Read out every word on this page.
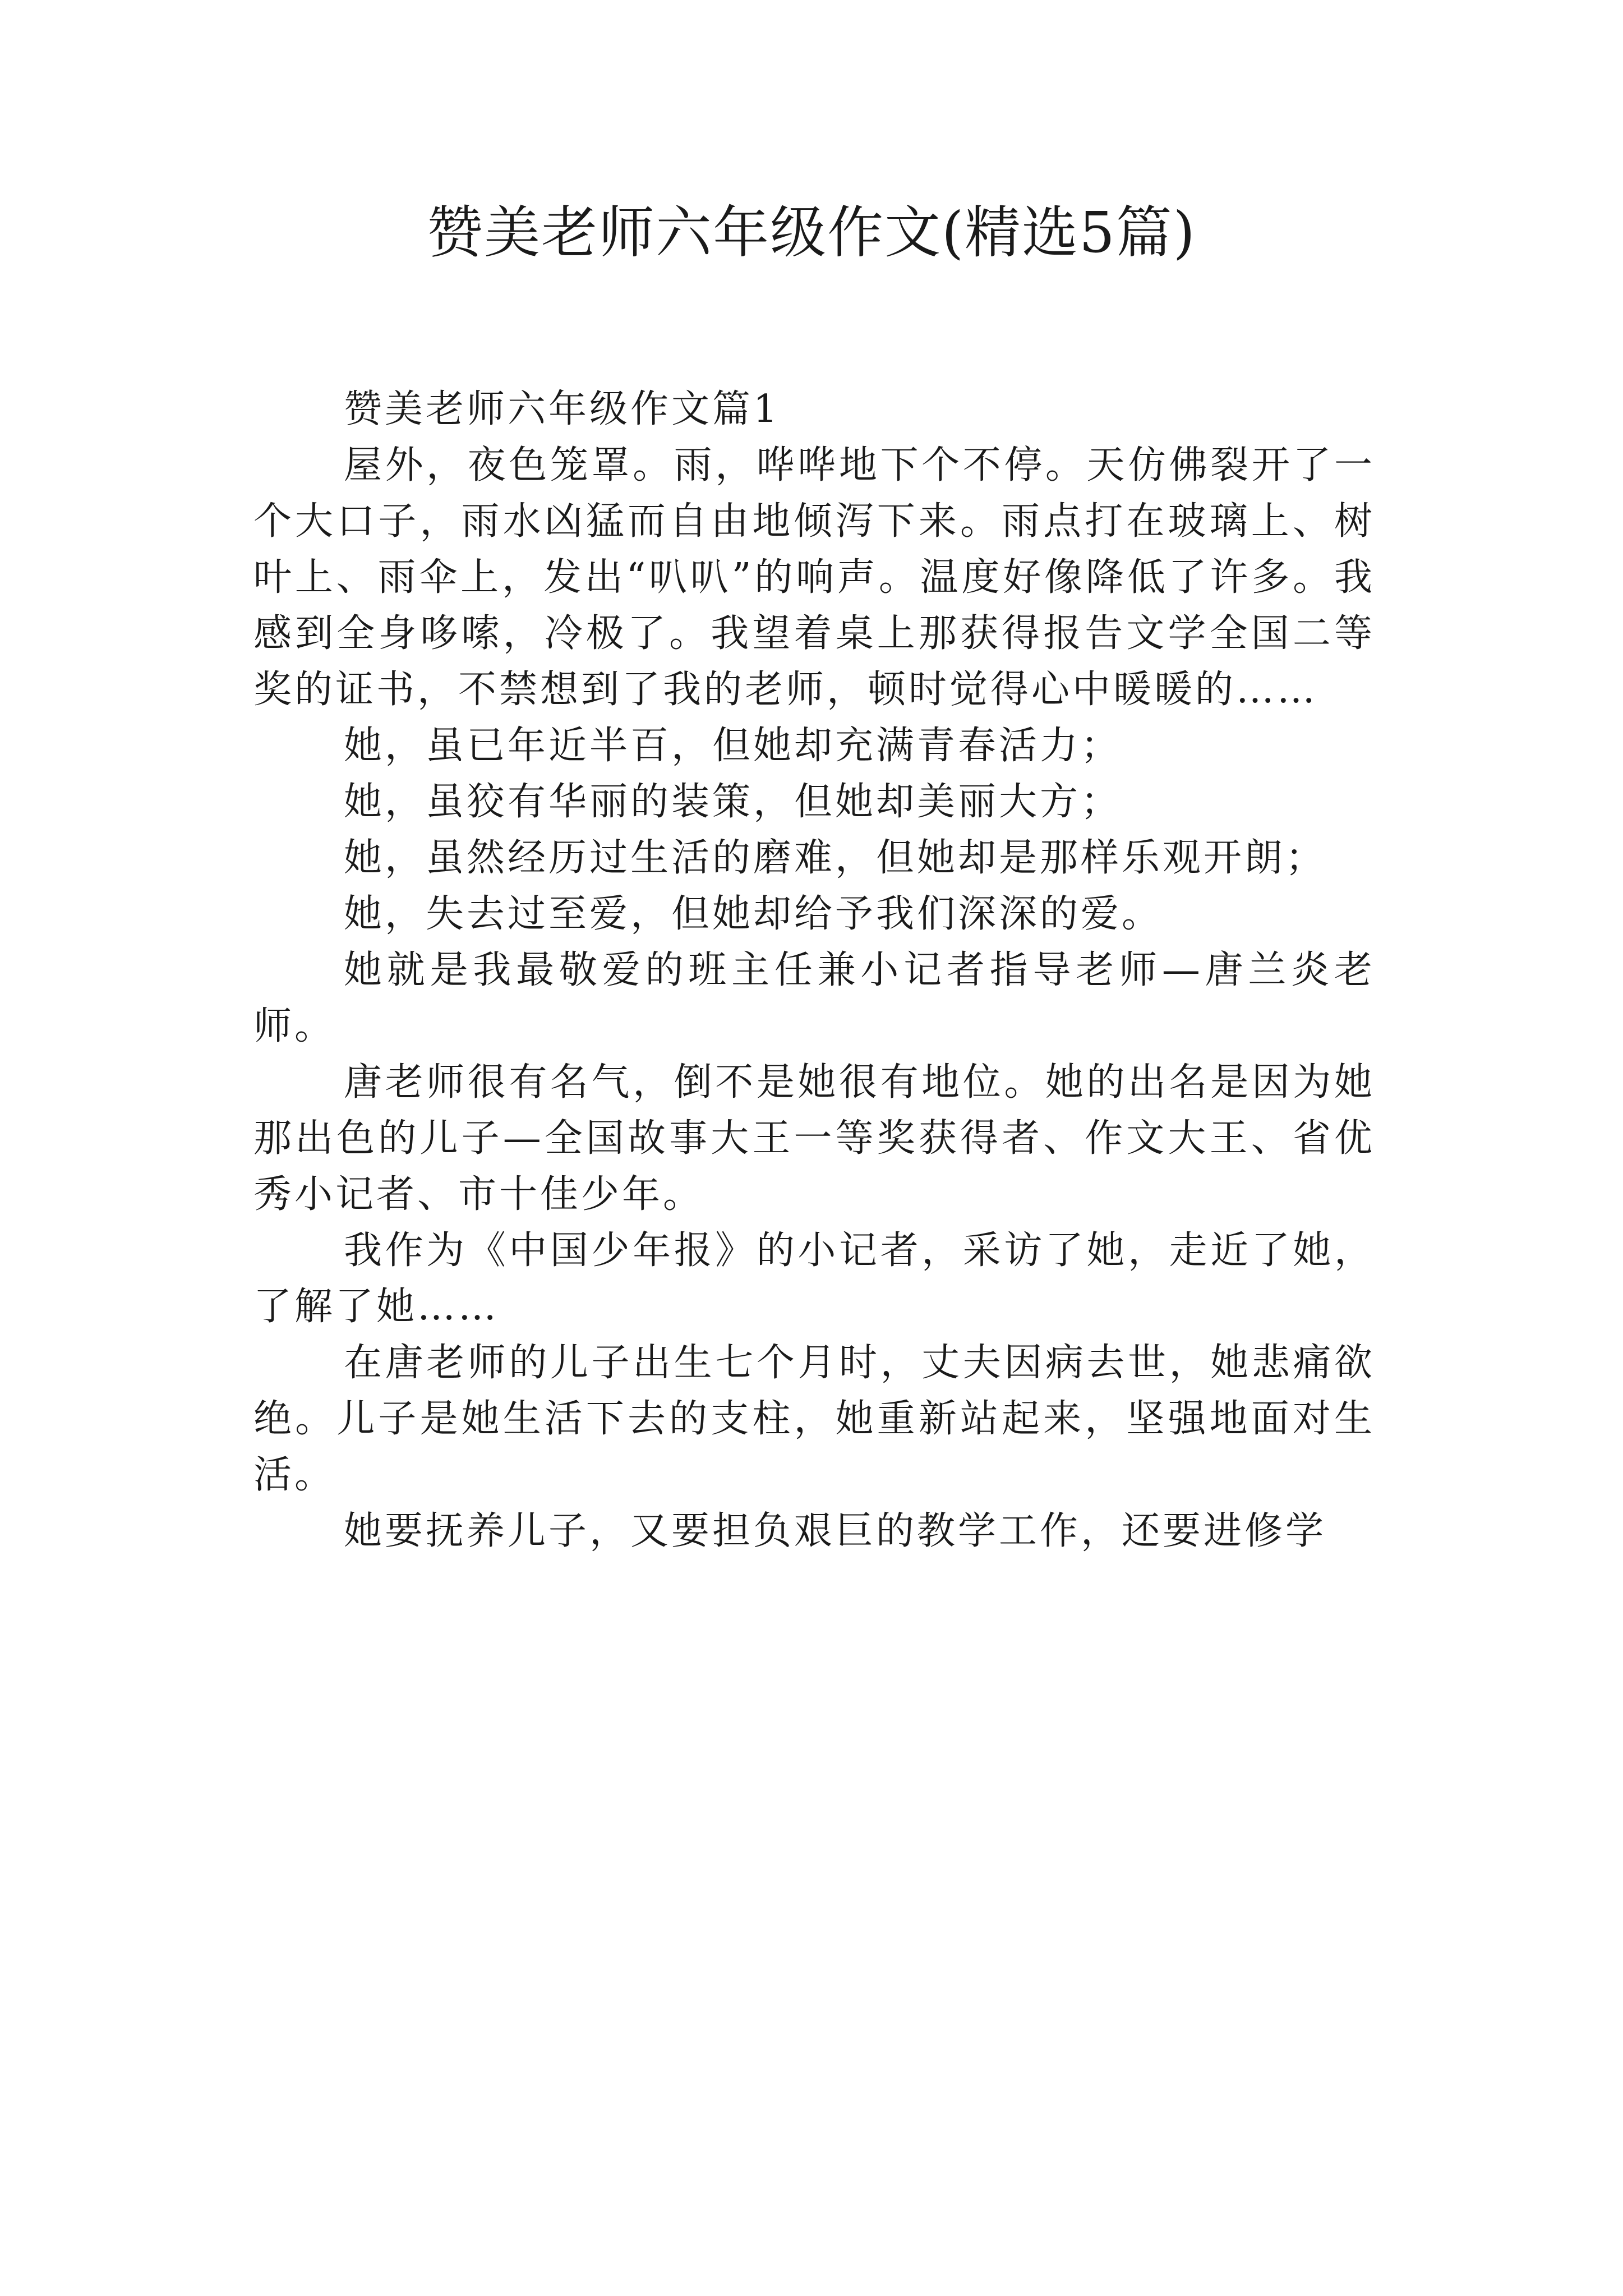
赞美老师六年级作文(精选5篇)

赞美老师六年级作文篇1

屋外，夜色笼罩。雨，哗哗地下个不停。天仿佛裂开了一个大口子，雨水凶猛而自由地倾泻下来。雨点打在玻璃上、树叶上、雨伞上，发出“叭叭”的响声。温度好像降低了许多。我感到全身哆嗦，冷极了。我望着桌上那获得报告文学全国二等奖的证书，不禁想到了我的老师，顿时觉得心中暖暖的……

她，虽已年近半百，但她却充满青春活力；

她，虽狡有华丽的装策，但她却美丽大方；

她，虽然经历过生活的磨难，但她却是那样乐观开朗；

她，失去过至爱，但她却给予我们深深的爱。

她就是我最敬爱的班主任兼小记者指导老师—唐兰炎老师。

唐老师很有名气，倒不是她很有地位。她的出名是因为她那出色的儿子—全国故事大王一等奖获得者、作文大王、省优秀小记者、市十佳少年。

我作为《中国少年报》的小记者，采访了她，走近了她，了解了她……

在唐老师的儿子出生七个月时，丈夫因病去世，她悲痛欲绝。儿子是她生活下去的支柱，她重新站起来，坚强地面对生活。

她要抚养儿子，又要担负艰巨的教学工作，还要进修学
